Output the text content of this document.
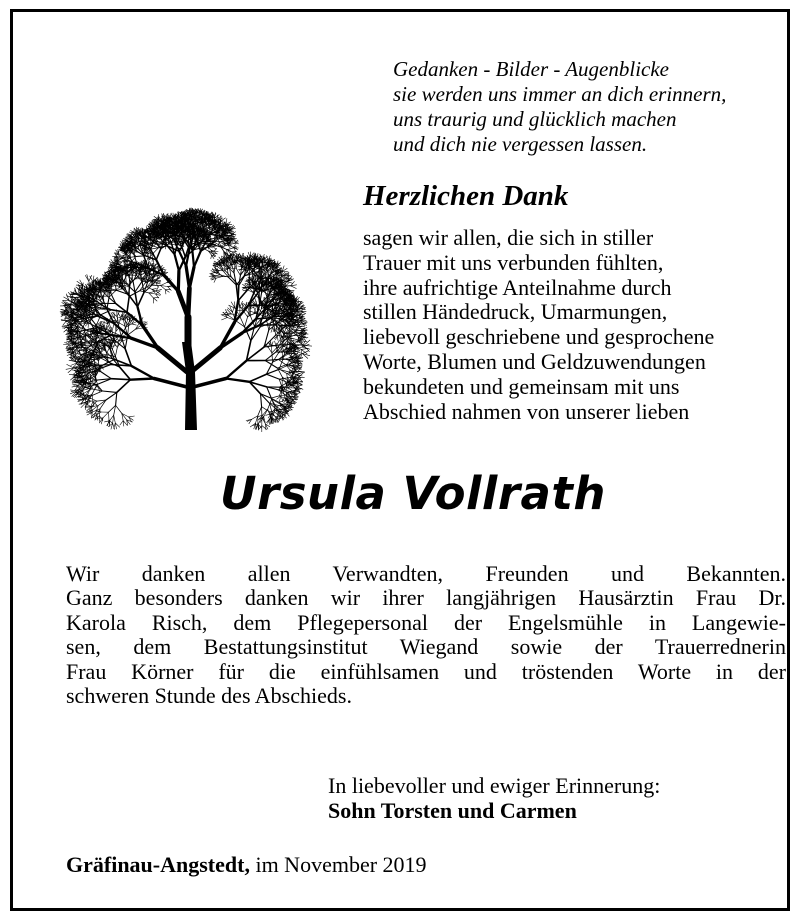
Gedanken - Bilder - Augenblicke
sie werden uns immer an dich erinnern,
uns traurig und glücklich machen
und dich nie vergessen lassen.
Herzlichen Dank
sagen wir allen, die sich in stiller
Trauer mit uns verbunden fühlten,
ihre aufrichtige Anteilnahme durch
stillen Händedruck, Umarmungen,
liebevoll geschriebene und gesprochene
Worte, Blumen und Geldzuwendungen
bekundeten und gemeinsam mit uns
Abschied nahmen von unserer lieben
Ursula Vollrath
Wir danken allen Verwandten, Freunden und Bekannten.
Ganz besonders danken wir ihrer langjährigen Hausärztin Frau Dr.
Karola Risch, dem Pflegepersonal der Engelsmühle in Langewie-
sen, dem Bestattungsinstitut Wiegand sowie der Trauerrednerin
Frau Körner für die einfühlsamen und tröstenden Worte in der
schweren Stunde des Abschieds.
In liebevoller und ewiger Erinnerung:
Sohn Torsten und Carmen
Gräfinau-Angstedt, im November 2019
